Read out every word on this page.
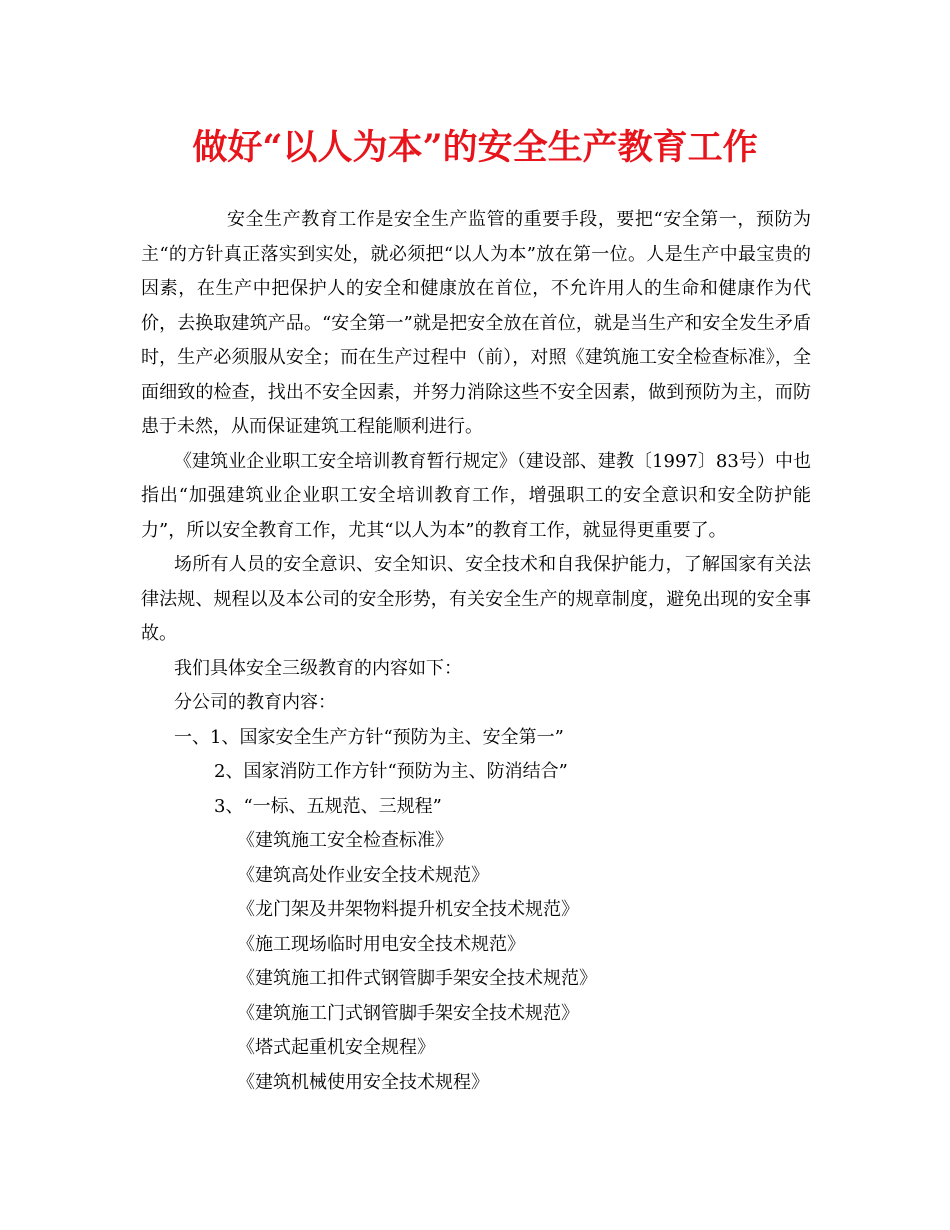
做好“以人为本”的安全生产教育工作

安全生产教育工作是安全生产监管的重要手段，要把“安全第一，预防为主“的方针真正落实到实处，就必须把“以人为本”放在第一位。人是生产中最宝贵的因素，在生产中把保护人的安全和健康放在首位，不允许用人的生命和健康作为代价，去换取建筑产品。“安全第一”就是把安全放在首位，就是当生产和安全发生矛盾时，生产必须服从安全；而在生产过程中（前），对照《建筑施工安全检查标准》，全面细致的检查，找出不安全因素，并努力消除这些不安全因素，做到预防为主，而防患于未然，从而保证建筑工程能顺利进行。

《建筑业企业职工安全培训教育暂行规定》（建设部、建教〔1997〕83号）中也指出“加强建筑业企业职工安全培训教育工作，增强职工的安全意识和安全防护能力”，所以安全教育工作，尤其“以人为本”的教育工作，就显得更重要了。

场所有人员的安全意识、安全知识、安全技术和自我保护能力，了解国家有关法律法规、规程以及本公司的安全形势，有关安全生产的规章制度，避免出现的安全事故。

我们具体安全三级教育的内容如下：

分公司的教育内容：

一、1、国家安全生产方针“预防为主、安全第一”

2、国家消防工作方针“预防为主、防消结合”

3、“一标、五规范、三规程”

《建筑施工安全检查标准》

《建筑高处作业安全技术规范》

《龙门架及井架物料提升机安全技术规范》

《施工现场临时用电安全技术规范》

《建筑施工扣件式钢管脚手架安全技术规范》

《建筑施工门式钢管脚手架安全技术规范》

《塔式起重机安全规程》

《建筑机械使用安全技术规程》
